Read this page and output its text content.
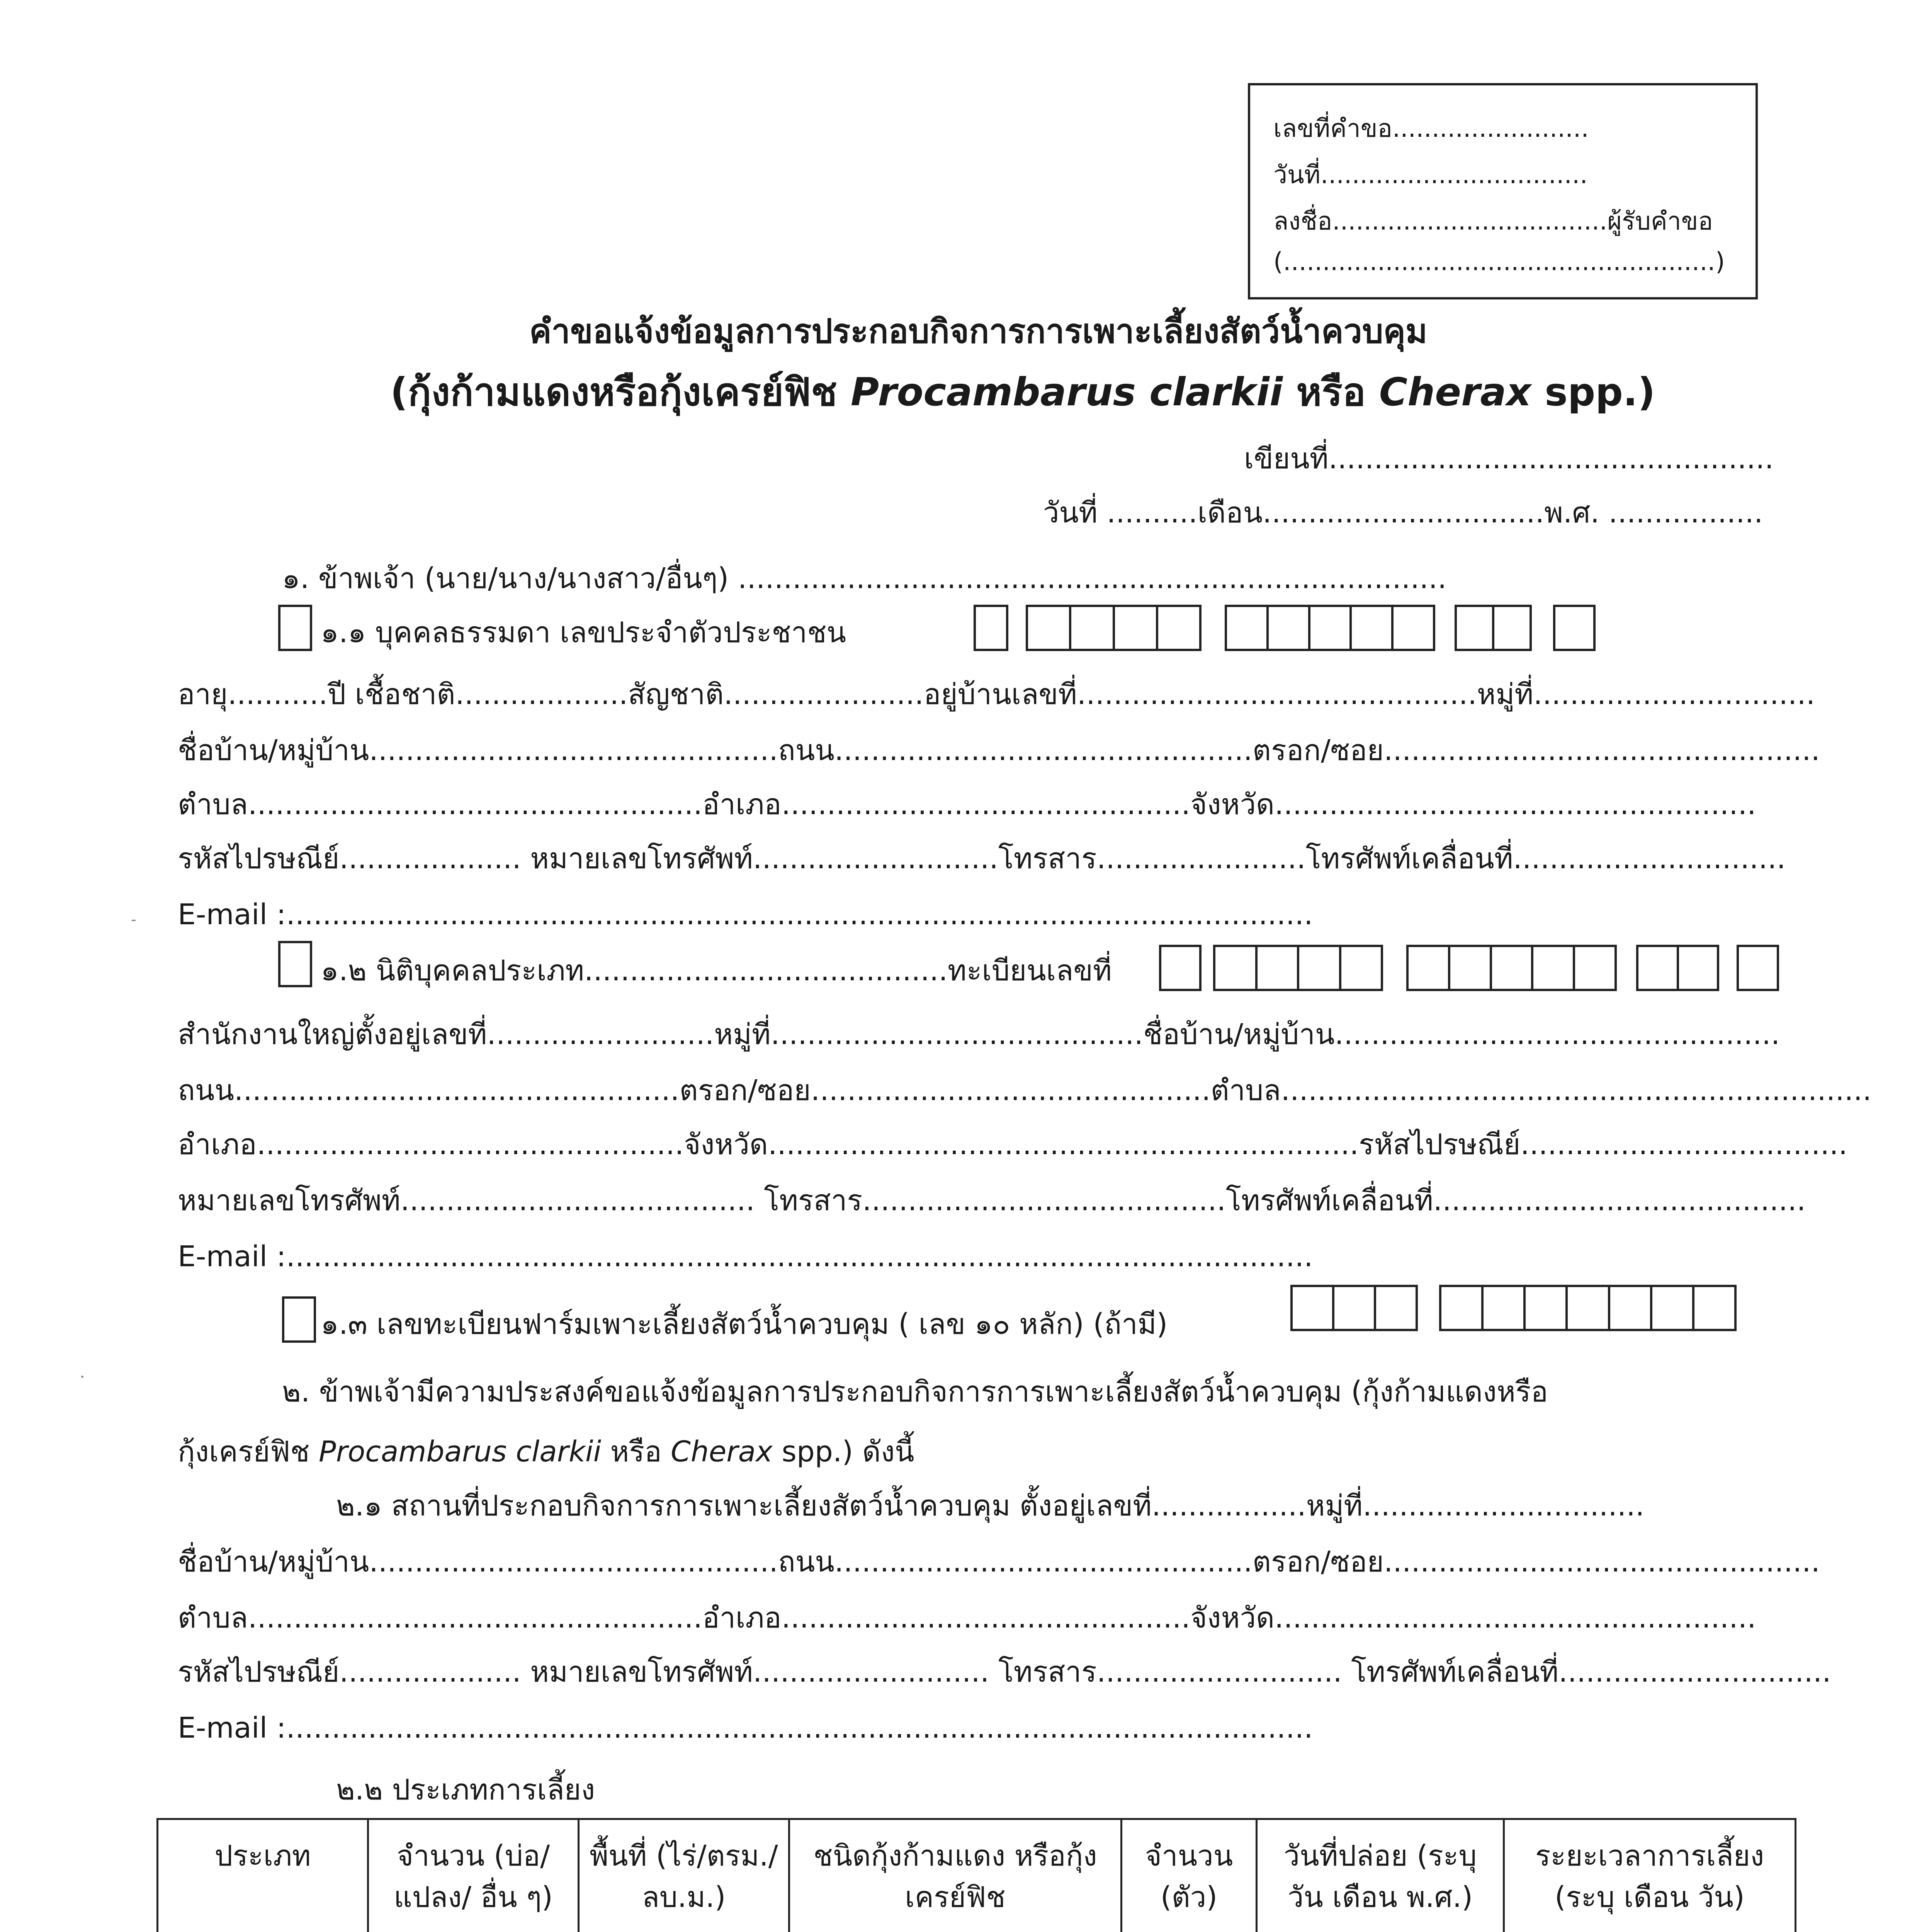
เลขที่คำขอ.........................
วันที่..................................
ลงชื่อ...................................ผู้รับคำขอ
(.......................................................)
คำขอแจ้งข้อมูลการประกอบกิจการการเพาะเลี้ยงสัตว์น้ำควบคุม
(กุ้งก้ามแดงหรือกุ้งเครย์ฟิช Procambarus clarkii หรือ Cherax spp.)
เขียนที่.................................................
วันที่ ..........เดือน...............................พ.ศ. .................
๑. ข้าพเจ้า (นาย/นาง/นางสาว/อื่นๆ) ..............................................................................
๑.๑ บุคคลธรรมดา เลขประจำตัวประชาชน
อายุ...........ปี เชื้อชาติ...................สัญชาติ......................อยู่บ้านเลขที่............................................หมู่ที่...............................
ชื่อบ้าน/หมู่บ้าน.............................................ถนน..............................................ตรอก/ซอย................................................
ตำบล..................................................อำเภอ.............................................จังหวัด.....................................................
รหัสไปรษณีย์.................... หมายเลขโทรศัพท์...........................โทรสาร.......................โทรศัพท์เคลื่อนที่..............................
E-mail :.................................................................................................................
๑.๒ นิติบุคคลประเภท........................................ทะเบียนเลขที่
สำนักงานใหญ่ตั้งอยู่เลขที่.........................หมู่ที่.........................................ชื่อบ้าน/หมู่บ้าน.................................................
ถนน.................................................ตรอก/ซอย............................................ตำบล.................................................................
อำเภอ...............................................จังหวัด.................................................................รหัสไปรษณีย์....................................
หมายเลขโทรศัพท์....................................... โทรสาร........................................โทรศัพท์เคลื่อนที่.........................................
E-mail :.................................................................................................................
๑.๓ เลขทะเบียนฟาร์มเพาะเลี้ยงสัตว์น้ำควบคุม ( เลข ๑๐ หลัก) (ถ้ามี)
๒. ข้าพเจ้ามีความประสงค์ขอแจ้งข้อมูลการประกอบกิจการการเพาะเลี้ยงสัตว์น้ำควบคุม (กุ้งก้ามแดงหรือ
กุ้งเครย์ฟิช Procambarus clarkii หรือ Cherax spp.) ดังนี้
๒.๑ สถานที่ประกอบกิจการการเพาะเลี้ยงสัตว์น้ำควบคุม ตั้งอยู่เลขที่.................หมู่ที่...............................
ชื่อบ้าน/หมู่บ้าน.............................................ถนน..............................................ตรอก/ซอย................................................
ตำบล..................................................อำเภอ.............................................จังหวัด.....................................................
รหัสไปรษณีย์.................... หมายเลขโทรศัพท์.......................... โทรสาร........................... โทรศัพท์เคลื่อนที่..............................
E-mail :.................................................................................................................
๒.๒ ประเภทการเลี้ยง
ประเภท	จำนวน (บ่อ/แปลง/ อื่น ๆ)	พื้นที่ (ไร่/ตรม./ ลบ.ม.)	ชนิดกุ้งก้ามแดง หรือกุ้งเครย์ฟิช	จำนวน (ตัว)	วันที่ปล่อย (ระบุ วัน เดือน พ.ศ.)	ระยะเวลาการเลี้ยง (ระบุ เดือน วัน)
